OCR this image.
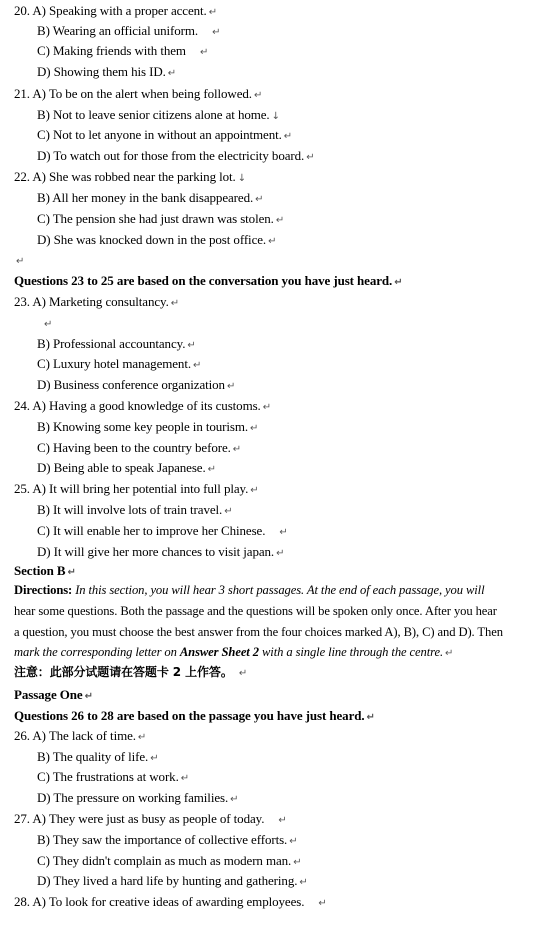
20. A) Speaking with a proper accent. ↵
B) Wearing an official uniform. ↵
C) Making friends with them ↵
D) Showing them his ID. ↵
21. A) To be on the alert when being followed. ↵
B) Not to leave senior citizens alone at home. ↓
C) Not to let anyone in without an appointment. ↵
D) To watch out for those from the electricity board. ↵
22. A) She was robbed near the parking lot. ↓
B) All her money in the bank disappeared. ↵
C) The pension she had just drawn was stolen. ↵
D) She was knocked down in the post office. ↵
↵
Questions 23 to 25 are based on the conversation you have just heard. ↵
23. A) Marketing consultancy. ↵
↵
B) Professional accountancy. ↵
C) Luxury hotel management. ↵
D) Business conference organization ↵
24. A) Having a good knowledge of its customs. ↵
B) Knowing some key people in tourism. ↵
C) Having been to the country before. ↵
D) Being able to speak Japanese. ↵
25. A) It will bring her potential into full play. ↵
B) It will involve lots of train travel. ↵
C) It will enable her to improve her Chinese. ↵
D) It will give her more chances to visit japan. ↵
Section B ↵
Directions: In this section, you will hear 3 short passages. At the end of each passage, you will
hear some questions. Both the passage and the questions will be spoken only once. After you hear
a question, you must choose the best answer from the four choices marked A), B), C) and D). Then
mark the corresponding letter on Answer Sheet 2 with a single line through the centre. ↵
注意：此部分试题请在答题卡 2 上作答。 ↵
Passage One ↵
Questions 26 to 28 are based on the passage you have just heard. ↵
26. A) The lack of time. ↵
B) The quality of life. ↵
C) The frustrations at work. ↵
D) The pressure on working families. ↵
27. A) They were just as busy as people of today. ↵
B) They saw the importance of collective efforts. ↵
C) They didn't complain as much as modern man. ↵
D) They lived a hard life by hunting and gathering. ↵
28. A) To look for creative ideas of awarding employees. ↵
